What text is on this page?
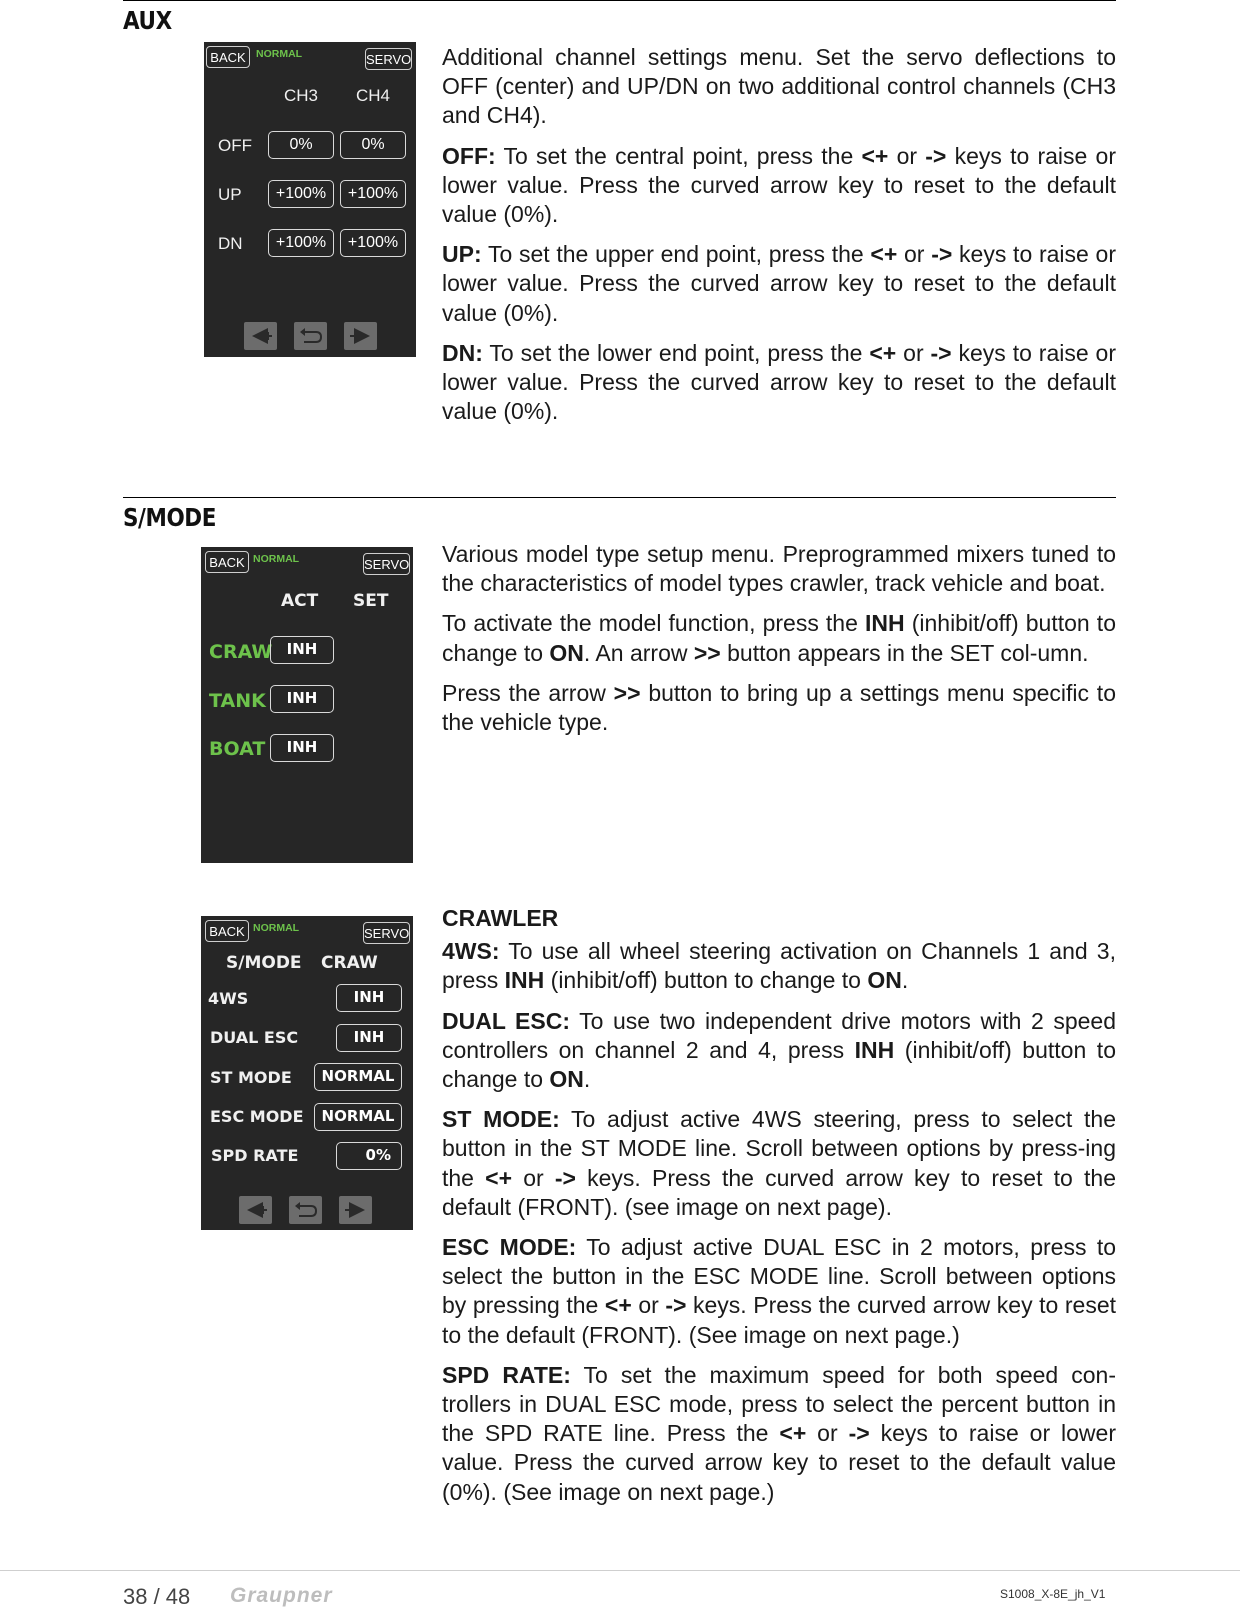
AUX
BACK NORMAL	SERVO
CH3 CH4
OFF	0%	0%
UP	+100%	+100%
DN	+100%	+100%

Additional channel settings menu. Set the servo deflections to OFF (center) and UP/DN on two additional control channels (CH3 and CH4).

OFF: To set the central point, press the <+ or -> keys to raise or lower value. Press the curved arrow key to reset to the default value (0%).

UP: To set the upper end point, press the <+ or -> keys to raise or lower value. Press the curved arrow key to reset to the default value (0%).

DN: To set the lower end point, press the <+ or -> keys to raise or lower value. Press the curved arrow key to reset to the default value (0%).

S/MODE
BACK NORMAL	SERVO
ACT SET
CRAW INH
TANK	INH
BOAT	INH

Various model type setup menu. Preprogrammed mixers tuned to the characteristics of model types crawler, track vehicle and boat.

To activate the model function, press the INH (inhibit/off) button to change to ON. An arrow >> button appears in the SET col-umn.

Press the arrow >> button to bring up a settings menu specific to the vehicle type.

BACK NORMAL	SERVO
S/MODE CRAW
4WS	INH
DUAL ESC	INH
ST MODE	NORMAL
ESC MODE	NORMAL
SPD RATE	0%

CRAWLER

4WS: To use all wheel steering activation on Channels 1 and 3, press INH (inhibit/off) button to change to ON.

DUAL ESC: To use two independent drive motors with 2 speed controllers on channel 2 and 4, press INH (inhibit/off) button to change to ON.

ST MODE: To adjust active 4WS steering, press to select the button in the ST MODE line. Scroll between options by press-ing the <+ or -> keys. Press the curved arrow key to reset to the default (FRONT). (see image on next page).

ESC MODE: To adjust active DUAL ESC in 2 motors, press to select the button in the ESC MODE line. Scroll between options by pressing the <+ or -> keys. Press the curved arrow key to reset to the default (FRONT). (See image on next page.)

SPD RATE: To set the maximum speed for both speed con-trollers in DUAL ESC mode, press to select the percent button in the SPD RATE line. Press the <+ or -> keys to raise or lower value. Press the curved arrow key to reset to the default value (0%). (See image on next page.)

38 / 48 Graupner	S1008_X-8E_jh_V1
